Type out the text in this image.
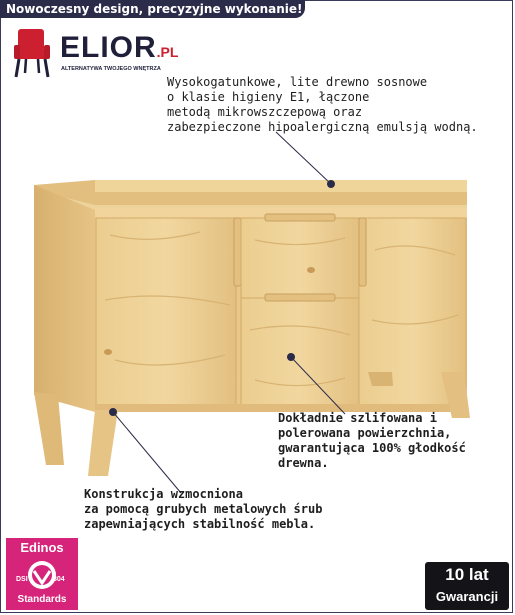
Nowoczesny design, precyzyjne wykonanie!
ELIOR.PL
ALTERNATYWA TWOJEGO WNĘTRZA
Wysokogatunkowe, lite drewno sosnowe
o klasie higieny E1, łączone
metodą mikrowszczepową oraz
zabezpieczone hipoalergiczną emulsją wodną.
Dokładnie szlifowana i
polerowana powierzchnia,
gwarantująca 100% głodkość
drewna.
Konstrukcja wzmocniona
za pomocą grubych metalowych śrub
zapewniających stabilność mebla.
Edinos
DSI	804
Standards
10 lat
Gwarancji
